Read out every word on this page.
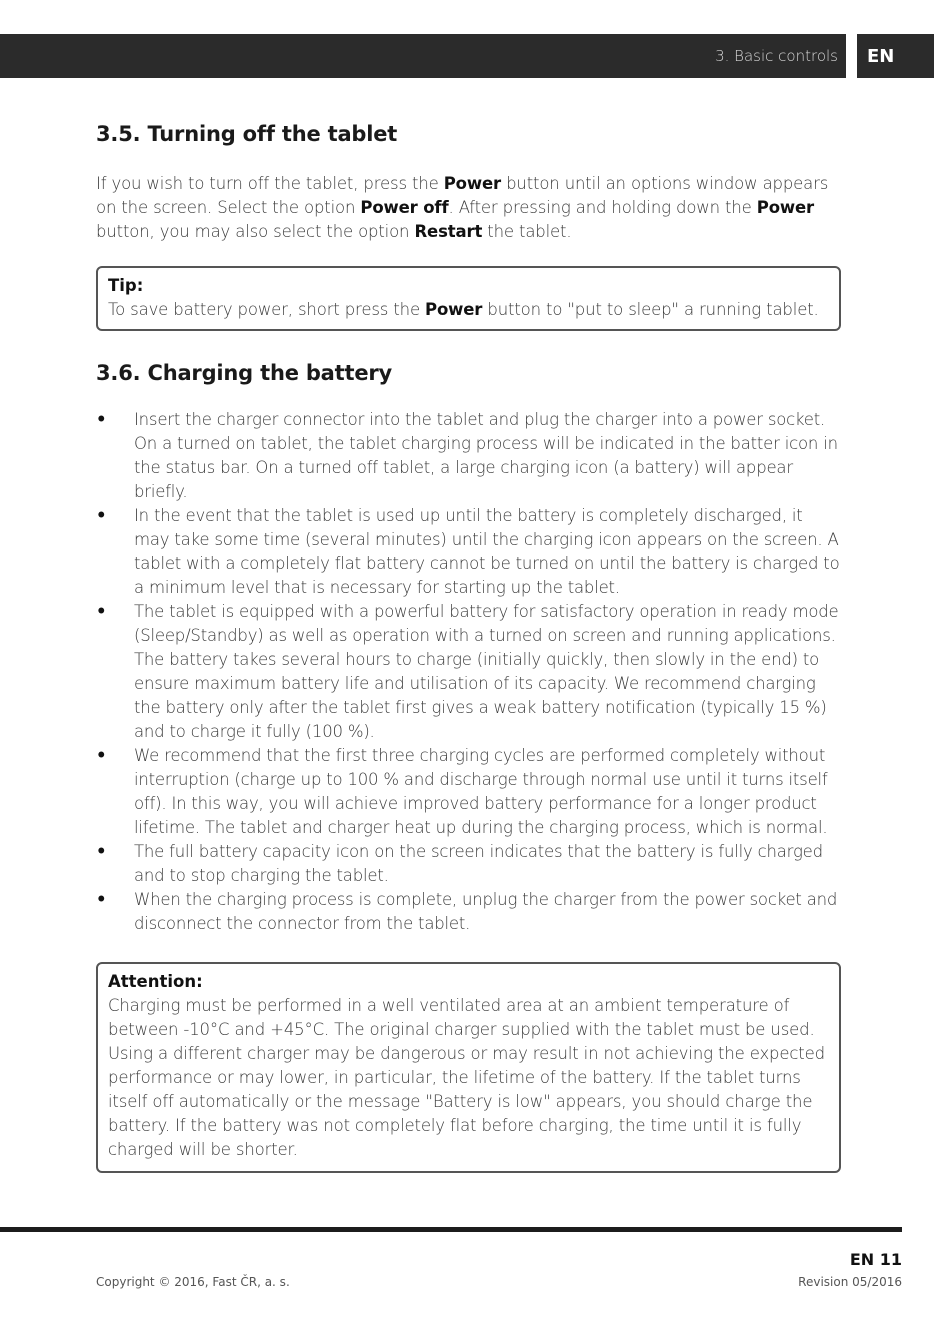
3. Basic controls EN
3.5. Turning off the tablet

If you wish to turn off the tablet, press the Power button until an options window appears on the screen. Select the option Power off. After pressing and holding down the Power button, you may also select the option Restart the tablet.

Tip:

To save battery power, short press the Power button to "put to sleep" a running tablet.

3.6. Charging the battery
• Insert the charger connector into the tablet and plug the charger into a power socket. On a turned on tablet, the tablet charging process will be indicated in the batter icon in the status bar. On a turned off tablet, a large charging icon (a battery) will appear briefly.
• In the event that the tablet is used up until the battery is completely discharged, it may take some time (several minutes) until the charging icon appears on the screen. A tablet with a completely flat battery cannot be turned on until the battery is charged to a minimum level that is necessary for starting up the tablet.
• The tablet is equipped with a powerful battery for satisfactory operation in ready mode (Sleep/Standby) as well as operation with a turned on screen and running applications. The battery takes several hours to charge (initially quickly, then slowly in the end) to ensure maximum battery life and utilisation of its capacity. We recommend charging the battery only after the tablet first gives a weak battery notification (typically 15 %) and to charge it fully (100 %).
• We recommend that the first three charging cycles are performed completely without interruption (charge up to 100 % and discharge through normal use until it turns itself off). In this way, you will achieve improved battery performance for a longer product lifetime. The tablet and charger heat up during the charging process, which is normal.
• The full battery capacity icon on the screen indicates that the battery is fully charged and to stop charging the tablet.
• When the charging process is complete, unplug the charger from the power socket and disconnect the connector from the tablet.
Attention:

Charging must be performed in a well ventilated area at an ambient temperature of between -10°C and +45°C. The original charger supplied with the tablet must be used. Using a different charger may be dangerous or may result in not achieving the expected performance or may lower, in particular, the lifetime of the battery. If the tablet turns itself off automatically or the message "Battery is low" appears, you should charge the battery. If the battery was not completely flat before charging, the time until it is fully charged will be shorter.

EN 11
Copyright © 2016, Fast ČR, a. s.	Revision 05/2016
